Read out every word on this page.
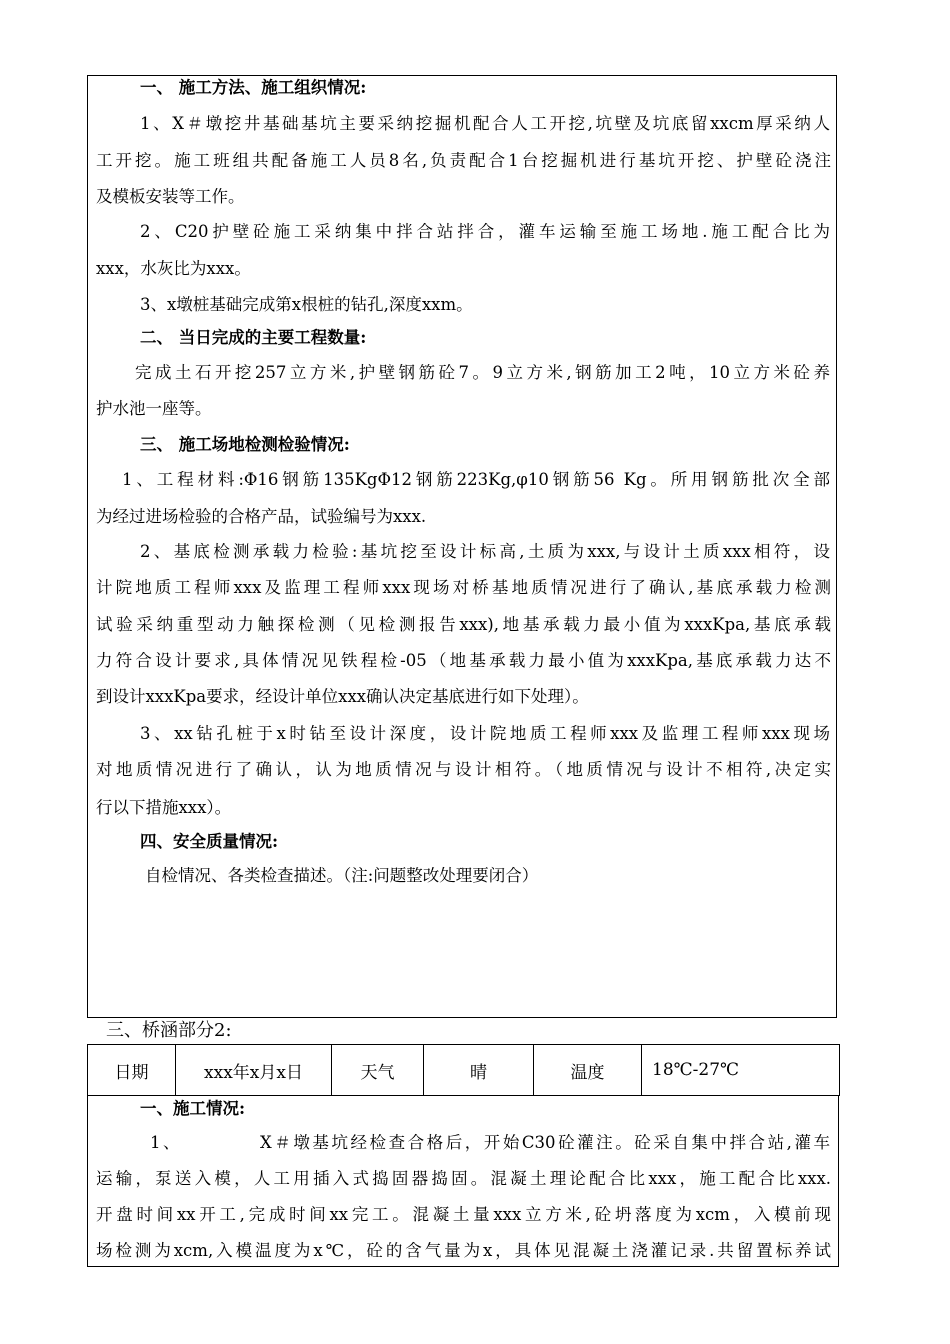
一、 施工方法、施工组织情况:
1、X＃墩挖井基础基坑主要采纳挖掘机配合人工开挖,坑壁及坑底留xxcm厚采纳人
工开挖。施工班组共配备施工人员8名,负责配合1台挖掘机进行基坑开挖、护壁砼浇注
及模板安装等工作。
2、C20护壁砼施工采纳集中拌合站拌合，灌车运输至施工场地.施工配合比为
xxx，水灰比为xxx。
3、x墩桩基础完成第x根桩的钻孔,深度xxm。
二、 当日完成的主要工程数量:
完成土石开挖257立方米,护壁钢筋砼7。9立方米,钢筋加工2吨，10立方米砼养
护水池一座等。
三、 施工场地检测检验情况:
1、工程材料:Φ16钢筋135KgΦ12钢筋223Kg,φ10钢筋56 Kg。所用钢筋批次全部
为经过进场检验的合格产品，试验编号为xxx.
2、基底检测承载力检验:基坑挖至设计标高,土质为xxx,与设计土质xxx相符，设
计院地质工程师xxx及监理工程师xxx现场对桥基地质情况进行了确认,基底承载力检测
试验采纳重型动力触探检测（见检测报告xxx),地基承载力最小值为xxxKpa,基底承载
力符合设计要求,具体情况见铁程检-05（地基承载力最小值为xxxKpa,基底承载力达不
到设计xxxKpa要求，经设计单位xxx确认决定基底进行如下处理）。
3、xx钻孔桩于x时钻至设计深度，设计院地质工程师xxx及监理工程师xxx现场
对地质情况进行了确认，认为地质情况与设计相符。（地质情况与设计不相符,决定实
行以下措施xxx）。
四、安全质量情况:
自检情况、各类检查描述。（注:问题整改处理要闭合）
三、桥涵部分2:
日期	xxx年x月x日	天气	晴	温度	18℃-27℃
一、施工情况:
1、          X＃墩基坑经检查合格后，开始C30砼灌注。砼采自集中拌合站,灌车
运输，泵送入模，人工用插入式捣固器捣固。混凝土理论配合比xxx，施工配合比xxx.
开盘时间xx开工,完成时间xx完工。混凝土量xxx立方米,砼坍落度为xcm，入模前现
场检测为xcm,入模温度为x℃，砼的含气量为x，具体见混凝土浇灌记录.共留置标养试
